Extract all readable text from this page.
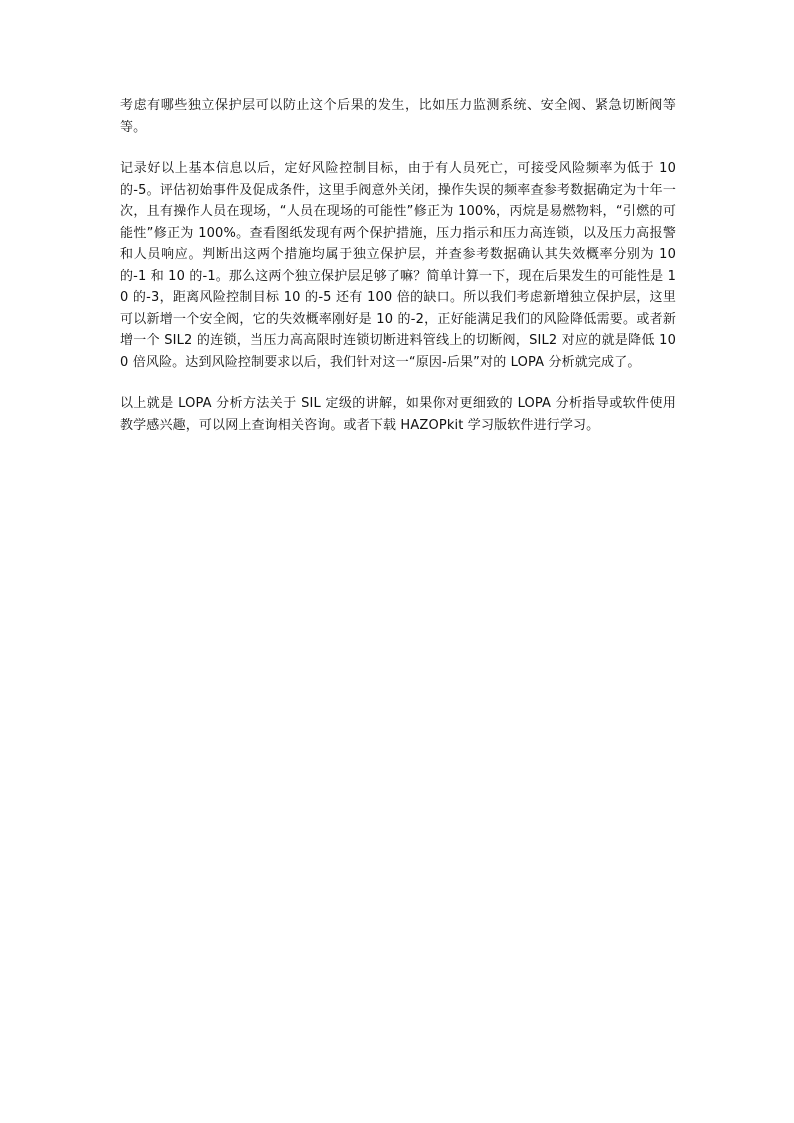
考虑有哪些独立保护层可以防止这个后果的发生，比如压力监测系统、安全阀、紧急切断阀等等。

记录好以上基本信息以后，定好风险控制目标，由于有人员死亡，可接受风险频率为低于 10 的-5。评估初始事件及促成条件，这里手阀意外关闭，操作失误的频率查参考数据确定为十年一次，且有操作人员在现场，“人员在现场的可能性”修正为 100%，丙烷是易燃物料，“引燃的可能性”修正为 100%。查看图纸发现有两个保护措施，压力指示和压力高连锁，以及压力高报警和人员响应。判断出这两个措施均属于独立保护层，并查参考数据确认其失效概率分别为 10 的-1 和 10 的-1。那么这两个独立保护层足够了嘛？简单计算一下，现在后果发生的可能性是 10 的-3，距离风险控制目标 10 的-5 还有 100 倍的缺口。所以我们考虑新增独立保护层，这里可以新增一个安全阀，它的失效概率刚好是 10 的-2，正好能满足我们的风险降低需要。或者新增一个 SIL2 的连锁，当压力高高限时连锁切断进料管线上的切断阀，SIL2 对应的就是降低 100 倍风险。达到风险控制要求以后，我们针对这一“原因-后果”对的 LOPA 分析就完成了。

以上就是 LOPA 分析方法关于 SIL 定级的讲解，如果你对更细致的 LOPA 分析指导或软件使用教学感兴趣，可以网上查询相关咨询。或者下载 HAZOPkit 学习版软件进行学习。
